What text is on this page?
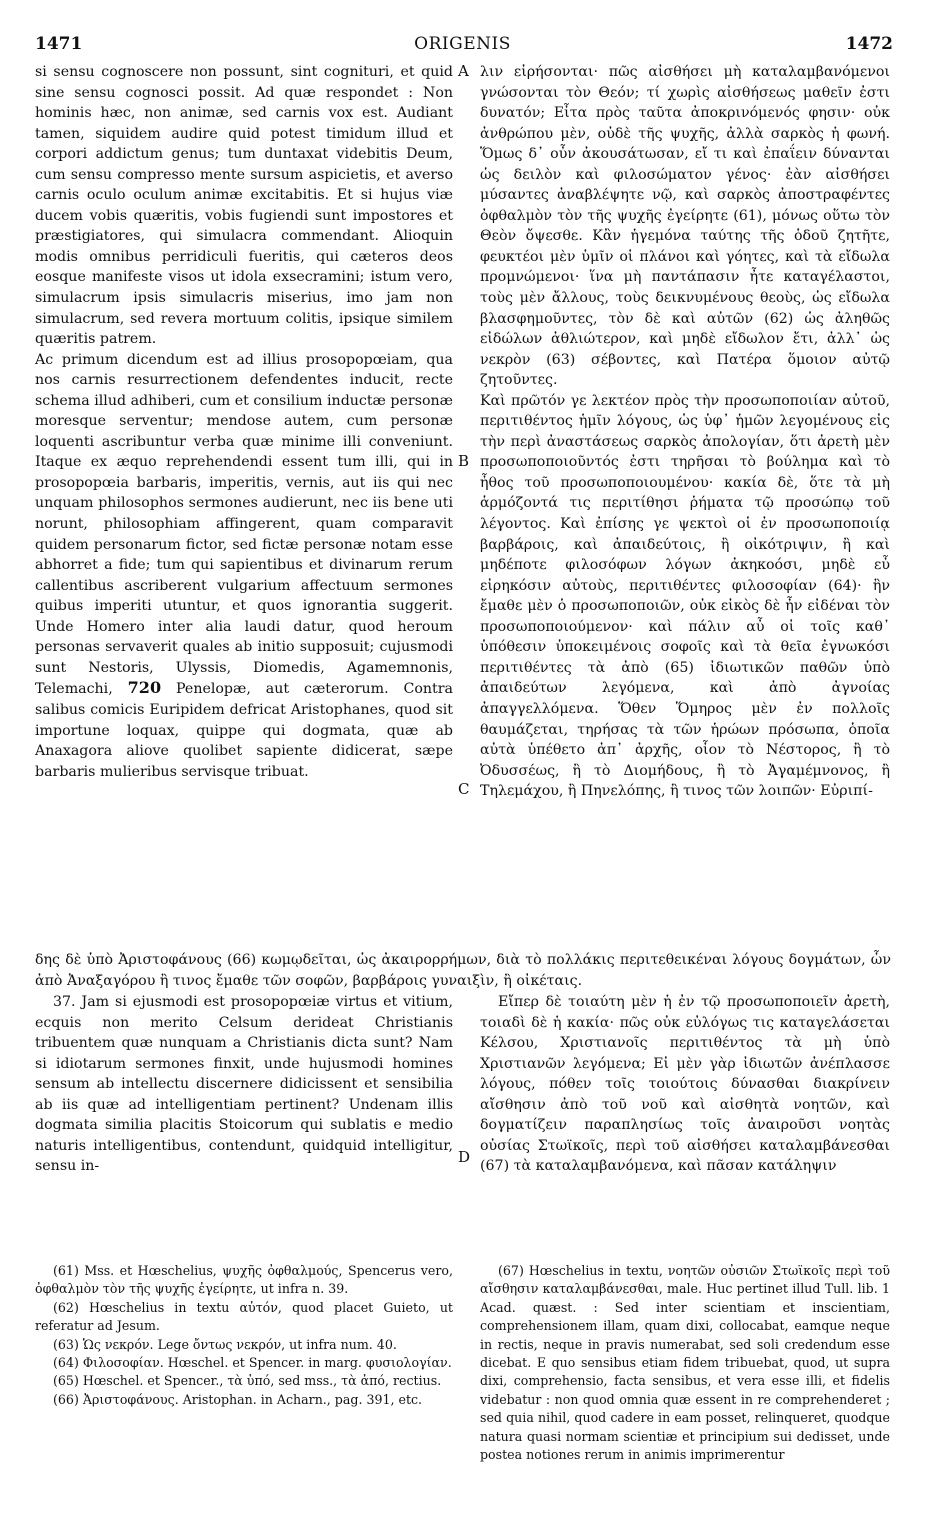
1471	ORIGENIS	1472
A
B
C
D

si sensu cognoscere non possunt, sint cognituri, et quid sine sensu cognosci possit. Ad quæ respondet : Non hominis hæc, non animæ, sed carnis vox est. Audiant tamen, siquidem audire quid potest timidum illud et corpori addictum genus; tum duntaxat videbitis Deum, cum sensu compresso mente sursum aspicietis, et averso carnis oculo oculum animæ excitabitis. Et si hujus viæ ducem vobis quæritis, vobis fugiendi sunt impostores et præstigiatores, qui simulacra commendant. Alioquin modis omnibus perridiculi fueritis, qui cæteros deos eosque manifeste visos ut idola exsecramini; istum vero, simulacrum ipsis simulacris miserius, imo jam non simulacrum, sed revera mortuum colitis, ipsique similem quæritis patrem.

Ac primum dicendum est ad illius prosopopœiam, qua nos carnis resurrectionem defendentes inducit, recte schema illud adhiberi, cum et consilium inductæ personæ moresque serventur; mendose autem, cum personæ loquenti ascribuntur verba quæ minime illi conveniunt. Itaque ex æquo reprehendendi essent tum illi, qui in prosopopœia barbaris, imperitis, vernis, aut iis qui nec unquam philosophos sermones audierunt, nec iis bene uti norunt, philosophiam affingerent, quam comparavit quidem personarum fictor, sed fictæ personæ notam esse abhorret a fide; tum qui sapientibus et divinarum rerum callentibus ascriberent vulgarium affectuum sermones quibus imperiti utuntur, et quos ignorantia suggerit. Unde Homero inter alia laudi datur, quod heroum personas servaverit quales ab initio supposuit; cujusmodi sunt Nestoris, Ulyssis, Diomedis, Agamemnonis, Telemachi, 720 Penelopæ, aut cæterorum. Contra salibus comicis Euripidem defricat Aristophanes, quod sit importune loquax, quippe qui dogmata, quæ ab Anaxagora aliove quolibet sapiente didicerat, sæpe barbaris mulieribus servisque tribuat.

λιν εἰρήσονται· πῶς αἰσθήσει μὴ καταλαμβανόμενοι γνώσονται τὸν Θεόν; τί χωρὶς αἰσθήσεως μαθεῖν ἐστι δυνατόν; Εἶτα πρὸς ταῦτα ἀποκρινόμενός φησιν· οὐκ ἀνθρώπου μὲν, οὐδὲ τῆς ψυχῆς, ἀλλὰ σαρκὸς ἡ φωνή. Ὅμως δ᾽ οὖν ἀκουσάτωσαν, εἴ τι καὶ ἐπαΐειν δύνανται ὡς δειλὸν καὶ φιλοσώματον γένος· ἐὰν αἰσθήσει μύσαντες ἀναβλέψητε νῷ, καὶ σαρκὸς ἀποστραφέντες ὀφθαλμὸν τὸν τῆς ψυχῆς ἐγείρητε (61), μόνως οὕτω τὸν Θεὸν ὄψεσθε. Κἂν ἡγεμόνα ταύτης τῆς ὁδοῦ ζητῆτε, φευκτέοι μὲν ὑμῖν οἱ πλάνοι καὶ γόητες, καὶ τὰ εἴδωλα προμνώμενοι· ἵνα μὴ παντάπασιν ἦτε καταγέλαστοι, τοὺς μὲν ἄλλους, τοὺς δεικνυμένους θεοὺς, ὡς εἴδωλα βλασφημοῦντες, τὸν δὲ καὶ αὐτῶν (62) ὡς ἀληθῶς εἰδώλων ἀθλιώτερον, καὶ μηδὲ εἴδωλον ἔτι, ἀλλ᾽ ὡς νεκρὸν (63) σέβοντες, καὶ Πατέρα ὅμοιον αὐτῷ ζητοῦντες.

Καὶ πρῶτόν γε λεκτέον πρὸς τὴν προσωποποιίαν αὐτοῦ, περιτιθέντος ἡμῖν λόγους, ὡς ὑφ᾽ ἡμῶν λεγομένους εἰς τὴν περὶ ἀναστάσεως σαρκὸς ἀπολογίαν, ὅτι ἀρετὴ μὲν προσωποποιοῦντός ἐστι τηρῆσαι τὸ βούλημα καὶ τὸ ἦθος τοῦ προσωποποιουμένου· κακία δὲ, ὅτε τὰ μὴ ἁρμόζοντά τις περιτίθησι ῥήματα τῷ προσώπῳ τοῦ λέγοντος. Καὶ ἐπίσης γε ψεκτοὶ οἱ ἐν προσωποποιίᾳ βαρβάροις, καὶ ἀπαιδεύτοις, ἢ οἰκότριψιν, ἢ καὶ μηδέποτε φιλοσόφων λόγων ἀκηκοόσι, μηδὲ εὖ εἰρηκόσιν αὐτοὺς, περιτιθέντες φιλοσοφίαν (64)· ἣν ἔμαθε μὲν ὁ προσωποποιῶν, οὐκ εἰκὸς δὲ ἦν εἰδέναι τὸν προσωποποιούμενον· καὶ πάλιν αὖ οἱ τοῖς καθ᾽ ὑπόθεσιν ὑποκειμένοις σοφοῖς καὶ τὰ θεῖα ἐγνωκόσι περιτιθέντες τὰ ἀπὸ (65) ἰδιωτικῶν παθῶν ὑπὸ ἀπαιδεύτων λεγόμενα, καὶ ἀπὸ ἀγνοίας ἀπαγγελλόμενα. Ὅθεν Ὅμηρος μὲν ἐν πολλοῖς θαυμάζεται, τηρήσας τὰ τῶν ἡρώων πρόσωπα, ὁποῖα αὐτὰ ὑπέθετο ἀπ᾽ ἀρχῆς, οἷον τὸ Νέστορος, ἢ τὸ Ὀδυσσέως, ἢ τὸ Διομήδους, ἢ τὸ Ἀγαμέμνονος, ἢ Τηλεμάχου, ἢ Πηνελόπης, ἢ τινος τῶν λοιπῶν· Εὐριπί-

δης δὲ ὑπὸ Ἀριστοφάνους (66) κωμῳδεῖται, ὡς ἀκαιρορρήμων, διὰ τὸ πολλάκις περιτεθεικέναι λόγους δογμάτων, ὧν ἀπὸ Ἀναξαγόρου ἢ τινος ἔμαθε τῶν σοφῶν, βαρβάροις γυναιξὶν, ἢ οἰκέταις.

37. Jam si ejusmodi est prosopopœiæ virtus et vitium, ecquis non merito Celsum derideat Christianis tribuentem quæ nunquam a Christianis dicta sunt? Nam si idiotarum sermones finxit, unde hujusmodi homines sensum ab intellectu discernere didicissent et sensibilia ab iis quæ ad intelligentiam pertinent? Undenam illis dogmata similia placitis Stoicorum qui sublatis e medio naturis intelligentibus, contendunt, quidquid intelligitur, sensu in-

Εἴπερ δὲ τοιαύτη μὲν ἡ ἐν τῷ προσωποποιεῖν ἀρετὴ, τοιαδὶ δὲ ἡ κακία· πῶς οὐκ εὐλόγως τις καταγελάσεται Κέλσου, Χριστιανοῖς περιτιθέντος τὰ μὴ ὑπὸ Χριστιανῶν λεγόμενα; Εἰ μὲν γὰρ ἰδιωτῶν ἀνέπλασσε λόγους, πόθεν τοῖς τοιούτοις δύνασθαι διακρίνειν αἴσθησιν ἀπὸ τοῦ νοῦ καὶ αἰσθητὰ νοητῶν, καὶ δογματίζειν παραπλησίως τοῖς ἀναιροῦσι νοητὰς οὐσίας Στωϊκοῖς, περὶ τοῦ αἰσθήσει καταλαμβάνεσθαι (67) τὰ καταλαμβανόμενα, καὶ πᾶσαν κατάληψιν

(61) Mss. et Hœschelius, ψυχῆς ὀφθαλμούς, Spencerus vero, ὀφθαλμὸν τὸν τῆς ψυχῆς ἐγείρητε, ut infra n. 39.

(62) Hœschelius in textu αὐτόν, quod placet Guieto, ut referatur ad Jesum.

(63) Ὡς νεκρόν. Lege ὄντως νεκρόν, ut infra num. 40.

(64) Φιλοσοφίαν. Hœschel. et Spencer. in marg. φυσιολογίαν.

(65) Hœschel. et Spencer., τὰ ὑπό, sed mss., τὰ ἀπό, rectius.

(66) Ἀριστοφάνους. Aristophan. in Acharn., pag. 391, etc.

(67) Hœschelius in textu, νοητῶν οὐσιῶν Στωϊκοῖς περὶ τοῦ αἴσθησιν καταλαμβάνεσθαι, male. Huc pertinet illud Tull. lib. 1 Acad. quæst. : Sed inter scientiam et inscientiam, comprehensionem illam, quam dixi, collocabat, eamque neque in rectis, neque in pravis numerabat, sed soli credendum esse dicebat. E quo sensibus etiam fidem tribuebat, quod, ut supra dixi, comprehensio, facta sensibus, et vera esse illi, et fidelis videbatur : non quod omnia quæ essent in re comprehenderet ; sed quia nihil, quod cadere in eam posset, relinqueret, quodque natura quasi normam scientiæ et principium sui dedisset, unde postea notiones rerum in animis imprimerentur
